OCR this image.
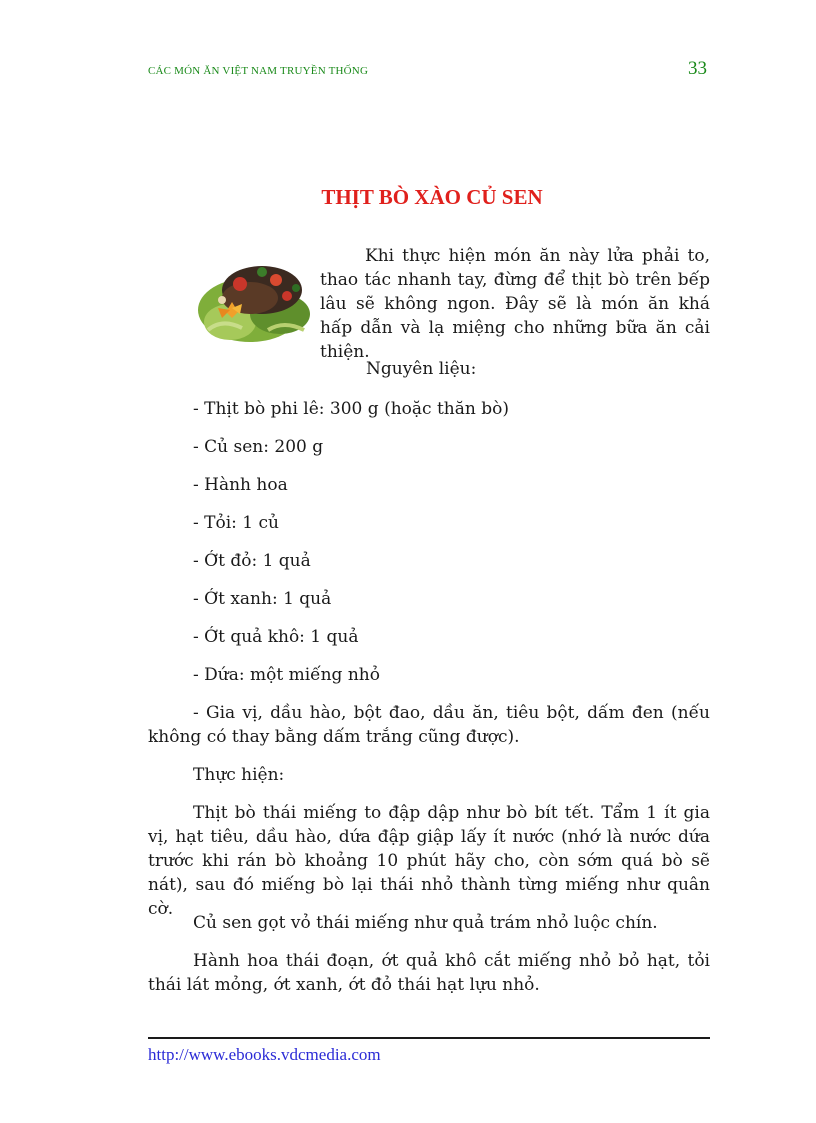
CÁC MÓN ĂN VIỆT NAM TRUYỀN THỐNG	33
THỊT BÒ XÀO CỦ SEN

Khi thực hiện món ăn này lửa phải to, thao tác nhanh tay, đừng để thịt bò trên bếp lâu sẽ không ngon. Đây sẽ là món ăn khá hấp dẫn và lạ miệng cho những bữa ăn cải thiện.

Nguyên liệu:

- Thịt bò phi lê: 300 g (hoặc thăn bò)

- Củ sen: 200 g

- Hành hoa

- Tỏi: 1 củ

- Ớt đỏ: 1 quả

- Ớt xanh: 1 quả

- Ớt quả khô: 1 quả

- Dứa: một miếng nhỏ

- Gia vị, dầu hào, bột đao, dầu ăn, tiêu bột, dấm đen (nếu không có thay bằng dấm trắng cũng được).

Thực hiện:

Thịt bò thái miếng to đập dập như bò bít tết. Tẩm 1 ít gia vị, hạt tiêu, dầu hào, dứa đập giập lấy ít nước (nhớ là nước dứa trước khi rán bò khoảng 10 phút hãy cho, còn sớm quá bò sẽ nát), sau đó miếng bò lại thái nhỏ thành từng miếng như quân cờ.

Củ sen gọt vỏ thái miếng như quả trám nhỏ luộc chín.

Hành hoa thái đoạn, ớt quả khô cắt miếng nhỏ bỏ hạt, tỏi thái lát mỏng, ớt xanh, ớt đỏ thái hạt lựu nhỏ.

http://www.ebooks.vdcmedia.com
